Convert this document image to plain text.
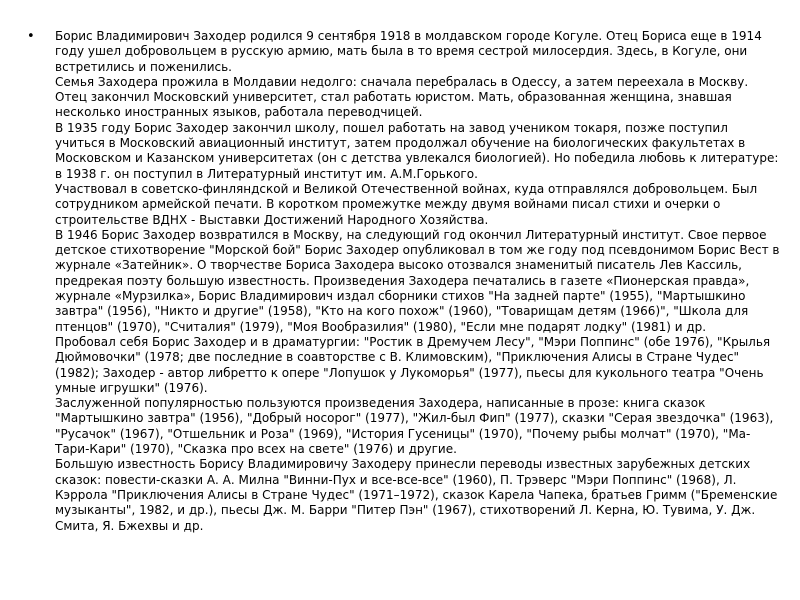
• Борис Владимирович Заходер родился 9 сентября 1918 в молдавском городе Когуле. Отец Бориса еще в 1914 году ушел добровольцем в русскую армию, мать была в то время сестрой милосердия. Здесь, в Когуле, они встретились и поженились.

Семья Заходера прожила в Молдавии недолго: сначала перебралась в Одессу, а затем переехала в Москву. Отец закончил Московский университет, стал работать юристом. Мать, образованная женщина, знавшая несколько иностранных языков, работала переводчицей.

В 1935 году Борис Заходер закончил школу, пошел работать на завод учеником токаря, позже поступил учиться в Московский авиационный институт, затем продолжал обучение на биологических факультетах в Московском и Казанском университетах (он с детства увлекался биологией). Но победила любовь к литературе: в 1938 г. он поступил в Литературный институт им. А.М.Горького.

Участвовал в советско-финляндской и Великой Отечественной войнах, куда отправлялся добровольцем. Был сотрудником армейской печати. В коротком промежутке между двумя войнами писал стихи и очерки о строительстве ВДНХ - Выставки Достижений Народного Хозяйства.

В 1946 Борис Заходер возвратился в Москву, на следующий год окончил Литературный институт. Свое первое детское стихотворение "Морской бой" Борис Заходер опубликовал в том же году под псевдонимом Борис Вест в журнале «Затейник». О творчестве Бориса Заходера высоко отозвался знаменитый писатель Лев Кассиль, предрекая поэту большую известность. Произведения Заходера печатались в газете «Пионерская правда», журнале «Мурзилка», Борис Владимирович издал сборники стихов "На задней парте" (1955), "Мартышкино завтра" (1956), "Никто и другие" (1958), "Кто на кого похож" (1960), "Товарищам детям (1966)", "Школа для птенцов" (1970), "Считалия" (1979), "Моя Вообразилия" (1980), "Если мне подарят лодку" (1981) и др.

Пробовал себя Борис Заходер и в драматургии: "Ростик в Дремучем Лесу", "Мэри Поппинс" (обе 1976), "Крылья Дюймовочки" (1978; две последние в соавторстве с В. Климовским), "Приключения Алисы в Стране Чудес" (1982); Заходер - автор либретто к опере "Лопушок у Лукоморья" (1977), пьесы для кукольного театра "Очень умные игрушки" (1976).

Заслуженной популярностью пользуются произведения Заходера, написанные в прозе: книга сказок "Мартышкино завтра" (1956), "Добрый носорог" (1977), "Жил-был Фип" (1977), сказки "Серая звездочка" (1963), "Русачок" (1967), "Отшельник и Роза" (1969), "История Гусеницы" (1970), "Почему рыбы молчат" (1970), "Ма-Тари-Кари" (1970), "Сказка про всех на свете" (1976) и другие.

Большую известность Борису Владимировичу Заходеру принесли переводы известных зарубежных детских сказок: повести-сказки А. А. Милна "Винни-Пух и все-все-все" (1960), П. Трэверс "Мэри Поппинс" (1968), Л. Кэррола "Приключения Алисы в Стране Чудес" (1971–1972), сказок Карела Чапека, братьев Гримм ("Бременские музыканты", 1982, и др.), пьесы Дж. М. Барри "Питер Пэн" (1967), стихотворений Л. Керна, Ю. Тувима, У. Дж. Смита, Я. Бжехвы и др.
